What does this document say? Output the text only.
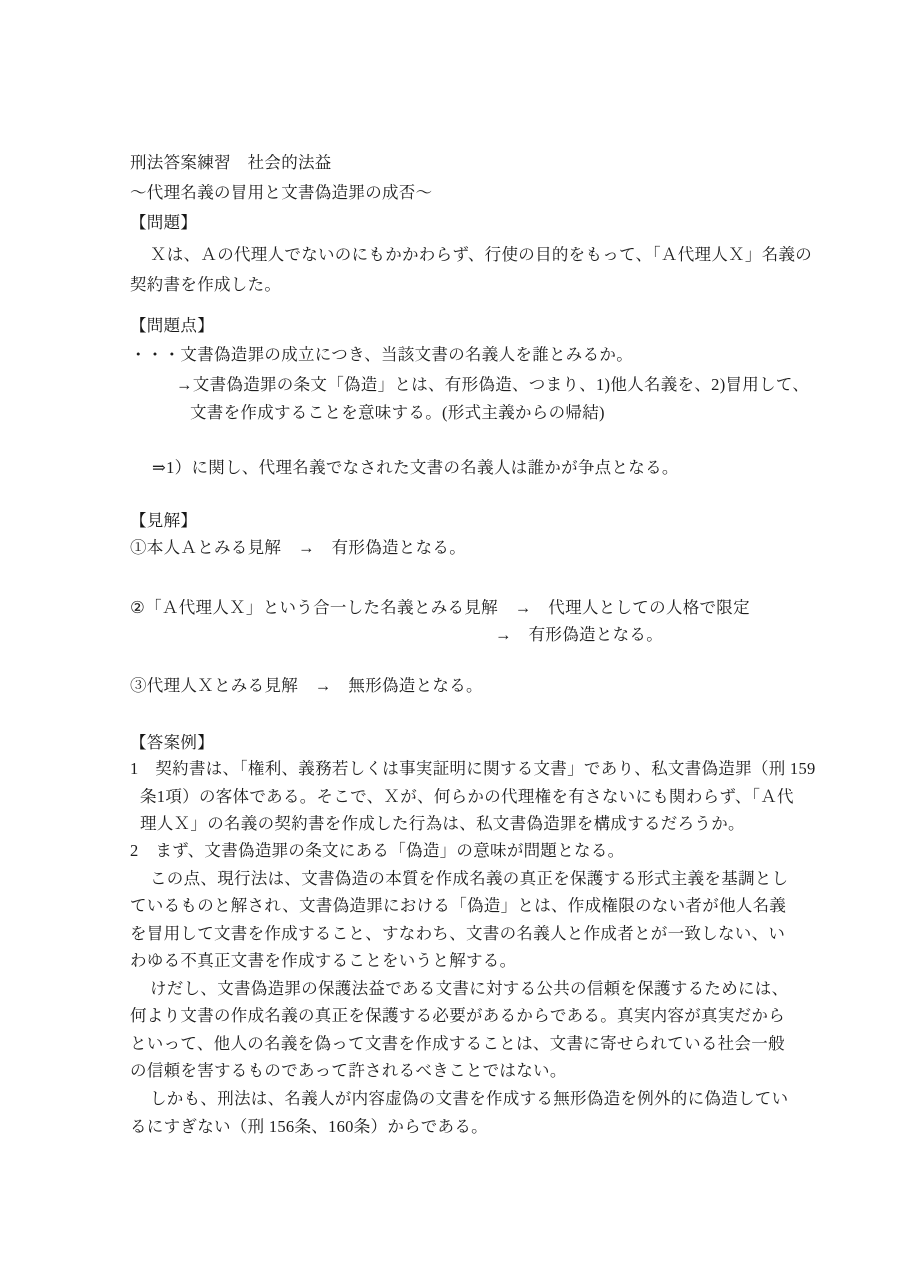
刑法答案練習　社会的法益
～代理名義の冒用と文書偽造罪の成否～
【問題】
Ｘは、Ａの代理人でないのにもかかわらず、行使の目的をもって、「Ａ代理人Ｘ」名義の
契約書を作成した。
【問題点】
・・・文書偽造罪の成立につき、当該文書の名義人を誰とみるか。
→文書偽造罪の条文「偽造」とは、有形偽造、つまり、1)他人名義を、2)冒用して、
文書を作成することを意味する。(形式主義からの帰結)
⇒1）に関し、代理名義でなされた文書の名義人は誰かが争点となる。
【見解】
①本人Ａとみる見解　→　有形偽造となる。
②「Ａ代理人Ｘ」という合一した名義とみる見解　→　代理人としての人格で限定
→　有形偽造となる。
③代理人Ｘとみる見解　→　無形偽造となる。
【答案例】
1　契約書は、「権利、義務若しくは事実証明に関する文書」であり、私文書偽造罪（刑 159
条1項）の客体である。そこで、Ｘが、何らかの代理権を有さないにも関わらず、「Ａ代
理人Ｘ」の名義の契約書を作成した行為は、私文書偽造罪を構成するだろうか。
2　まず、文書偽造罪の条文にある「偽造」の意味が問題となる。
この点、現行法は、文書偽造の本質を作成名義の真正を保護する形式主義を基調とし
ているものと解され、文書偽造罪における「偽造」とは、作成権限のない者が他人名義
を冒用して文書を作成すること、すなわち、文書の名義人と作成者とが一致しない、い
わゆる不真正文書を作成することをいうと解する。
けだし、文書偽造罪の保護法益である文書に対する公共の信頼を保護するためには、
何より文書の作成名義の真正を保護する必要があるからである。真実内容が真実だから
といって、他人の名義を偽って文書を作成することは、文書に寄せられている社会一般
の信頼を害するものであって許されるべきことではない。
しかも、刑法は、名義人が内容虚偽の文書を作成する無形偽造を例外的に偽造してい
るにすぎない（刑 156条、160条）からである。
